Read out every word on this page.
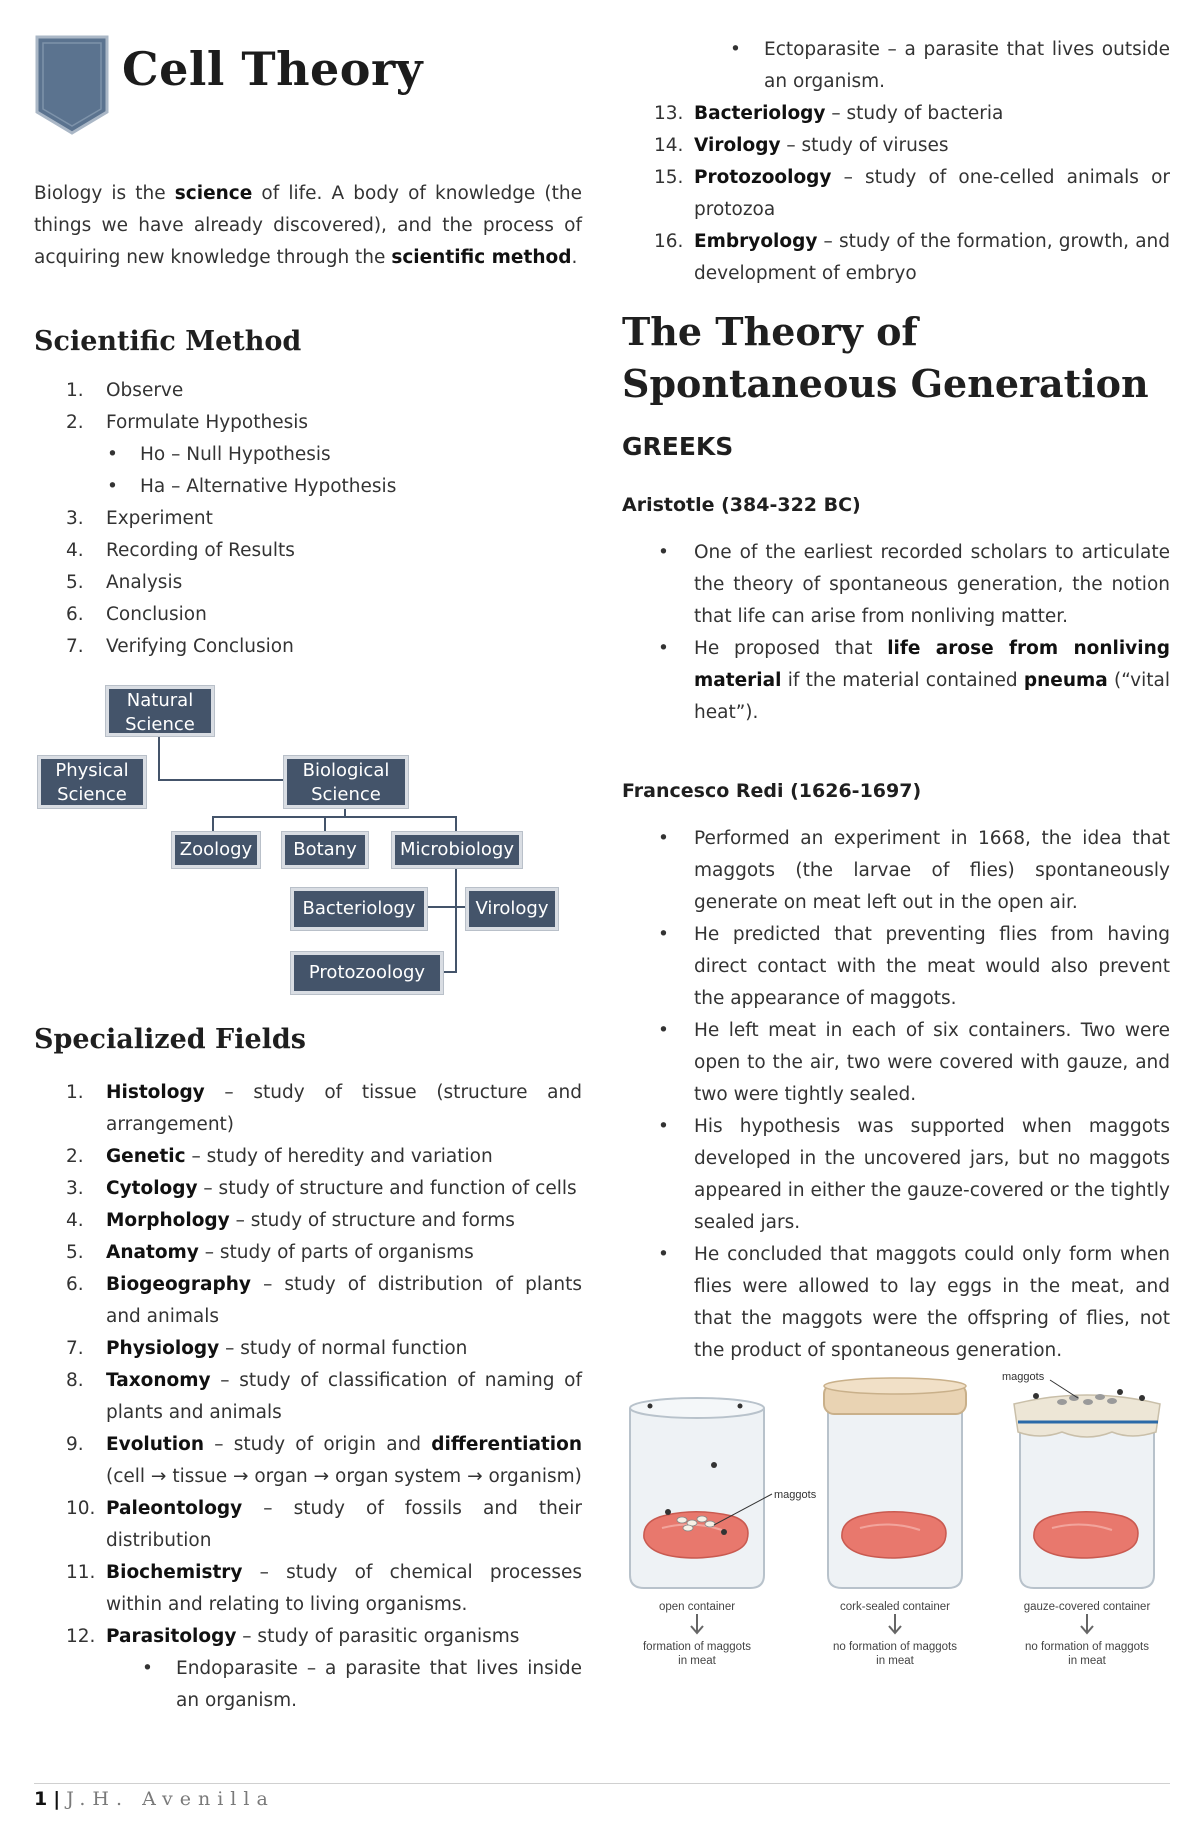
Cell Theory

Biology is the science of life. A body of knowledge (the things we have already discovered), and the process of acquiring new knowledge through the scientific method.

Scientific Method
1.	Observe
2.	Formulate Hypothesis
• Ho – Null Hypothesis
• Ha – Alternative Hypothesis
3.	Experiment
4.	Recording of Results
5.	Analysis
6.	Conclusion
7.	Verifying Conclusion
Natural Science
Physical Science
Biological Science
Zoology	Botany	Microbiology
Bacteriology	Virology
Protozoology
Specialized Fields
1.	Histology – study of tissue (structure and arrangement)
2.	Genetic – study of heredity and variation
3.	Cytology – study of structure and function of cells
4.	Morphology – study of structure and forms
5.	Anatomy – study of parts of organisms
6.	Biogeography – study of distribution of plants and animals
7.	Physiology – study of normal function
8.	Taxonomy – study of classification of naming of plants and animals
9.	Evolution – study of origin and differentiation (cell → tissue → organ → organ system → organism)
10. Paleontology – study of fossils and their distribution
11. Biochemistry – study of chemical processes within and relating to living organisms.
12. Parasitology – study of parasitic organisms
• Endoparasite – a parasite that lives inside an organism.
• Ectoparasite – a parasite that lives outside an organism.
13. Bacteriology – study of bacteria
14. Virology – study of viruses
15. Protozoology – study of one-celled animals or protozoa
16. Embryology – study of the formation, growth, and development of embryo
The Theory of Spontaneous Generation
GREEKS
Aristotle (384-322 BC)
• One of the earliest recorded scholars to articulate the theory of spontaneous generation, the notion that life can arise from nonliving matter.
• He proposed that life arose from nonliving material if the material contained pneuma (“vital heat”).
Francesco Redi (1626-1697)
• Performed an experiment in 1668, the idea that maggots (the larvae of flies) spontaneously generate on meat left out in the open air.
• He predicted that preventing flies from having direct contact with the meat would also prevent the appearance of maggots.
• He left meat in each of six containers. Two were open to the air, two were covered with gauze, and two were tightly sealed.
• His hypothesis was supported when maggots developed in the uncovered jars, but no maggots appeared in either the gauze-covered or the tightly sealed jars.
• He concluded that maggots could only form when flies were allowed to lay eggs in the meat, and that the maggots were the offspring of flies, not the product of spontaneous generation.
maggots
maggots
open container	cork-sealed container	gauze-covered container
formation of maggots
in meat
no formation of maggots
in meat
no formation of maggots
in meat
1 | J.H. Avenilla
